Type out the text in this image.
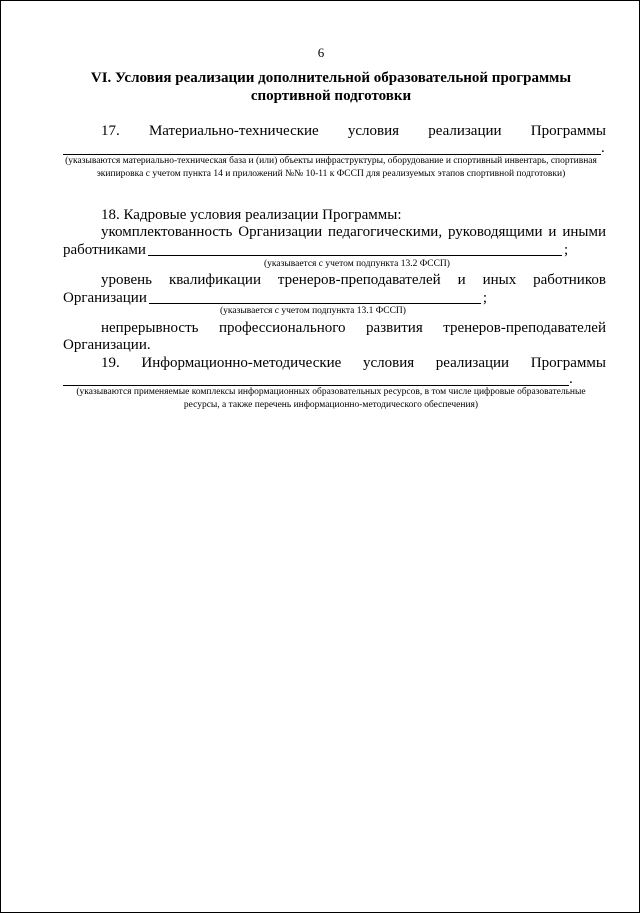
6
VI. Условия реализации дополнительной образовательной программы
спортивной подготовки
17. Материально-технические условия реализации Программы
.
(указываются материально-техническая база и (или) объекты инфраструктуры, оборудование и спортивный инвентарь, спортивная экипировка с учетом пункта 14 и приложений №№ 10-11 к ФССП для реализуемых этапов спортивной подготовки)
18. Кадровые условия реализации Программы:
укомплектованность Организации педагогическими, руководящими и иными
работниками	;
(указывается с учетом подпункта 13.2 ФССП)
уровень квалификации тренеров-преподавателей и иных работников
Организации	;
(указывается с учетом подпункта 13.1 ФССП)
непрерывность профессионального развития тренеров-преподавателей
Организации.
19. Информационно-методические условия реализации Программы
.
(указываются применяемые комплексы информационных образовательных ресурсов, в том числе цифровые образовательные ресурсы, а также перечень информационно-методического обеспечения)
